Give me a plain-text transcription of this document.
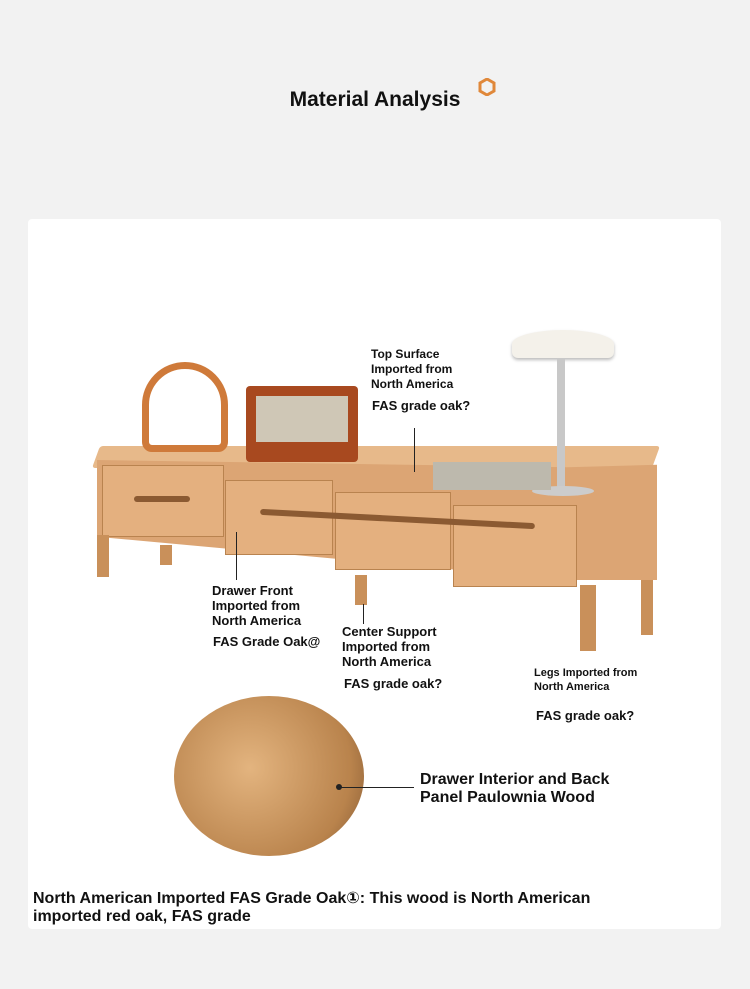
Material Analysis
Top Surface Imported from North America
FAS grade oak?
Drawer Front Imported from North America
FAS Grade Oak@
Center Support Imported from North America
FAS grade oak?
Legs Imported from North America
FAS grade oak?
Drawer Interior and Back Panel Paulownia Wood
North American Imported FAS Grade Oak①: This wood is North American imported red oak, FAS grade
